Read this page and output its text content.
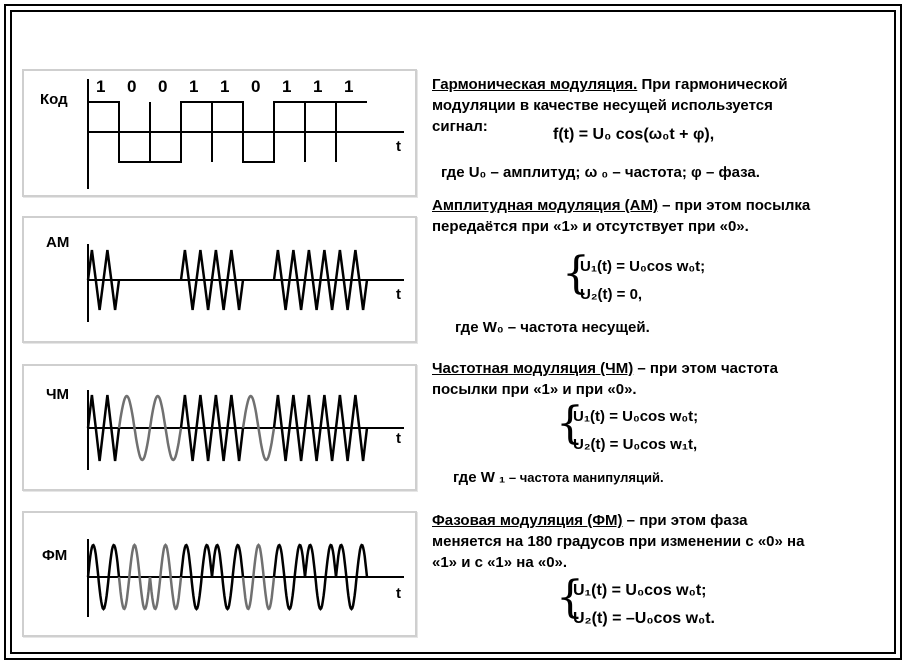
Код
t
1 0 0 1 1 0 1 1 1
АМ
t
ЧМ
t
ФМ
t
Гармоническая модуляция. При гармонической
модуляции в качестве несущей используется
сигнал:	f(t) = U₀ cos(ω₀t + φ),
где U₀ – амплитуд; ω ₀ – частота; φ – фаза.
Амплитудная модуляция (АМ) – при этом посылка
передаётся при «1» и отсутствует при «0».
{
U₁(t) = U₀cos w₀t;
U₂(t) = 0,
где W₀ – частота несущей.
Частотная модуляция (ЧМ) – при этом частота
посылки при «1» и при «0».
{
U₁(t) = U₀cos w₀t;
U₂(t) = U₀cos w₁t,
где W ₁ – частота манипуляций.
Фазовая модуляция (ФМ) – при этом фаза
меняется на 180 градусов при изменении с «0» на
«1» и с «1» на «0».
{
U₁(t) = U₀cos w₀t;
U₂(t) = –U₀cos w₀t.
